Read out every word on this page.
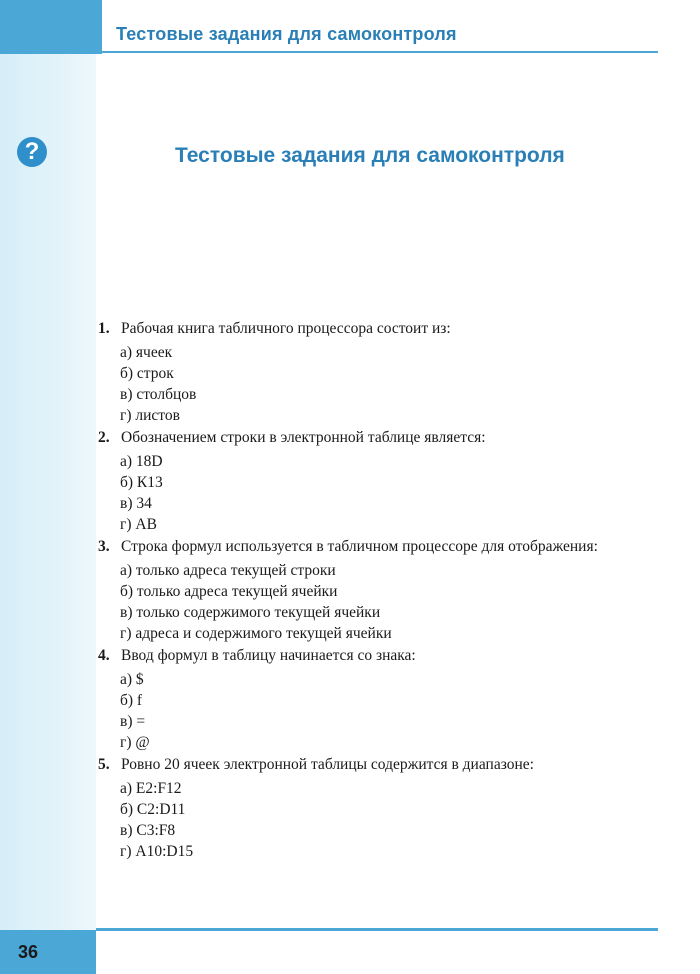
Тестовые задания для самоконтроля
?	Тестовые задания для самоконтроля
1. Рабочая книга табличного процессора состоит из:
а) ячеек
б) строк
в) столбцов
г) листов
2. Обозначением строки в электронной таблице является:
а) 18D
б) К13
в) 34
г) АВ
3. Строка формул используется в табличном процессоре для отображения:
а) только адреса текущей строки
б) только адреса текущей ячейки
в) только содержимого текущей ячейки
г) адреса и содержимого текущей ячейки
4. Ввод формул в таблицу начинается со знака:
а) $
б) f
в) =
г) @
5. Ровно 20 ячеек электронной таблицы содержится в диапазоне:
а) E2:F12
б) C2:D11
в) C3:F8
г) A10:D15
36
